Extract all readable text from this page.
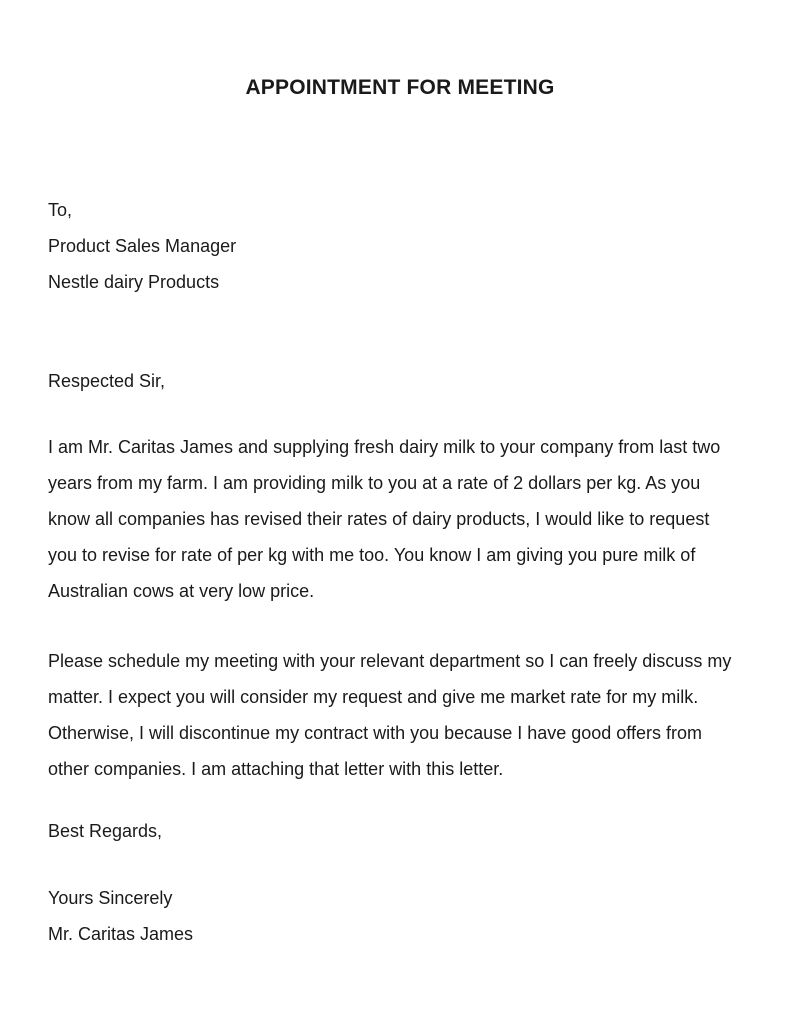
APPOINTMENT FOR MEETING
To,
Product Sales Manager
Nestle dairy Products
Respected Sir,
I am Mr. Caritas James and supplying fresh dairy milk to your company from last two
years from my farm. I am providing milk to you at a rate of 2 dollars per kg. As you
know all companies has revised their rates of dairy products, I would like to request
you to revise for rate of per kg with me too. You know I am giving you pure milk of
Australian cows at very low price.
Please schedule my meeting with your relevant department so I can freely discuss my
matter. I expect you will consider my request and give me market rate for my milk.
Otherwise, I will discontinue my contract with you because I have good offers from
other companies. I am attaching that letter with this letter.
Best Regards,
Yours Sincerely
Mr. Caritas James
